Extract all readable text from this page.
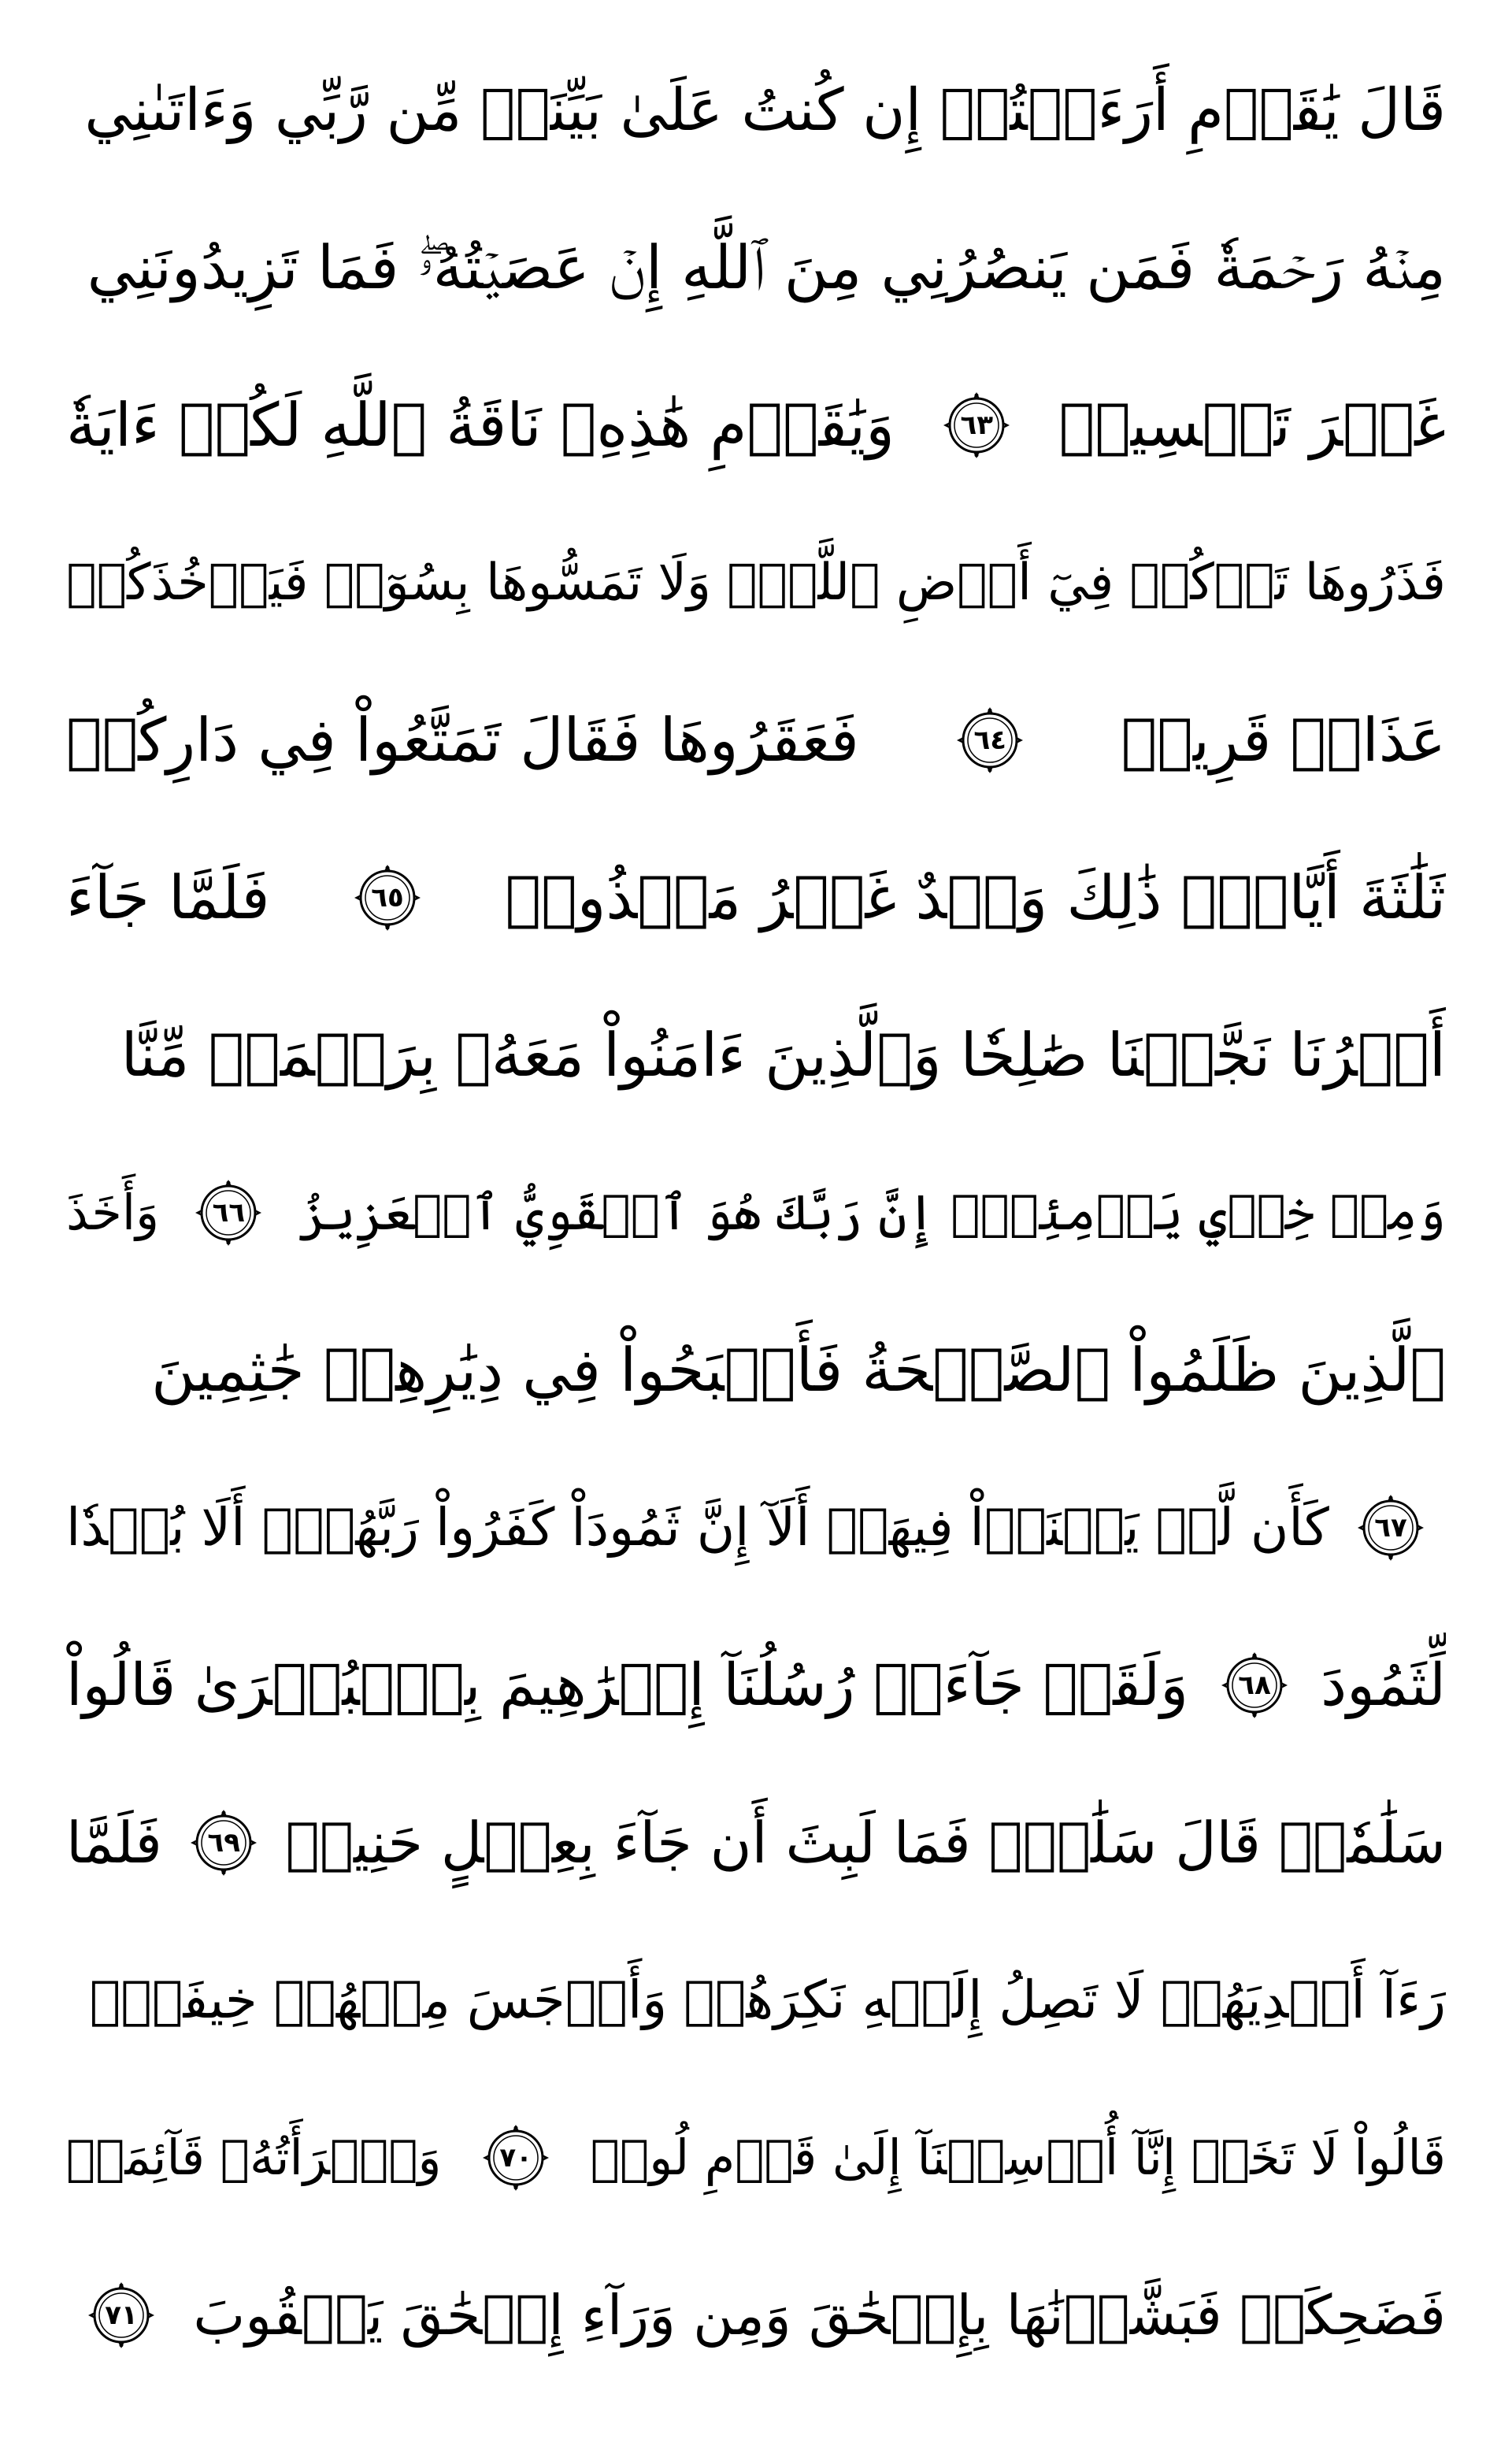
قَالَ يَٰقَوۡمِ أَرَءَيۡتُمۡ إِن كُنتُ عَلَىٰ بَيِّنَةٖ مِّن رَّبِّي وَءَاتَىٰنِي
مِنۡهُ رَحۡمَةٗ فَمَن يَنصُرُنِي مِنَ ٱللَّهِ إِنۡ عَصَيۡتُهُۥۖ فَمَا تَزِيدُونَنِي
غَيۡرَ تَخۡسِيرٖ
٦٣
وَيَٰقَوۡمِ هَٰذِهِۦ نَاقَةُ ٱللَّهِ لَكُمۡ ءَايَةٗ
فَذَرُوهَا تَأۡكُلۡ فِيٓ أَرۡضِ ٱللَّهِۖ وَلَا تَمَسُّوهَا بِسُوٓءٖ فَيَأۡخُذَكُمۡ
عَذَابٞ قَرِيبٞ
٦٤
فَعَقَرُوهَا فَقَالَ تَمَتَّعُواْ فِي دَارِكُمۡ
ثَلَٰثَةَ أَيَّامٖۖ ذَٰلِكَ وَعۡدٌ غَيۡرُ مَكۡذُوبٖ
٦٥
فَلَمَّا جَآءَ
أَمۡرُنَا نَجَّيۡنَا صَٰلِحٗا وَٱلَّذِينَ ءَامَنُواْ مَعَهُۥ بِرَحۡمَةٖ مِّنَّا
وَمِنۡ خِزۡيِ يَوۡمِئِذٍۚ إِنَّ رَبَّكَ هُوَ ٱلۡقَوِيُّ ٱلۡعَزِيزُ
٦٦
وَأَخَذَ
ٱلَّذِينَ ظَلَمُواْ ٱلصَّيۡحَةُ فَأَصۡبَحُواْ فِي دِيَٰرِهِمۡ جَٰثِمِينَ
٦٧
كَأَن لَّمۡ يَغۡنَوۡاْ فِيهَآۗ أَلَآ إِنَّ ثَمُودَاْ كَفَرُواْ رَبَّهُمۡۗ أَلَا بُعۡدٗا
لِّثَمُودَ
٦٨
وَلَقَدۡ جَآءَتۡ رُسُلُنَآ إِبۡرَٰهِيمَ بِٱلۡبُشۡرَىٰ قَالُواْ
سَلَٰمٗاۖ قَالَ سَلَٰمٞۖ فَمَا لَبِثَ أَن جَآءَ بِعِجۡلٍ حَنِيذٖ
٦٩
فَلَمَّا
رَءَآ أَيۡدِيَهُمۡ لَا تَصِلُ إِلَيۡهِ نَكِرَهُمۡ وَأَوۡجَسَ مِنۡهُمۡ خِيفَةٗۚ
قَالُواْ لَا تَخَفۡ إِنَّآ أُرۡسِلۡنَآ إِلَىٰ قَوۡمِ لُوطٖ
٧٠
وَٱمۡرَأَتُهُۥ قَآئِمَةٞ
فَضَحِكَتۡ فَبَشَّرۡنَٰهَا بِإِسۡحَٰقَ وَمِن وَرَآءِ إِسۡحَٰقَ يَعۡقُوبَ
٧١
